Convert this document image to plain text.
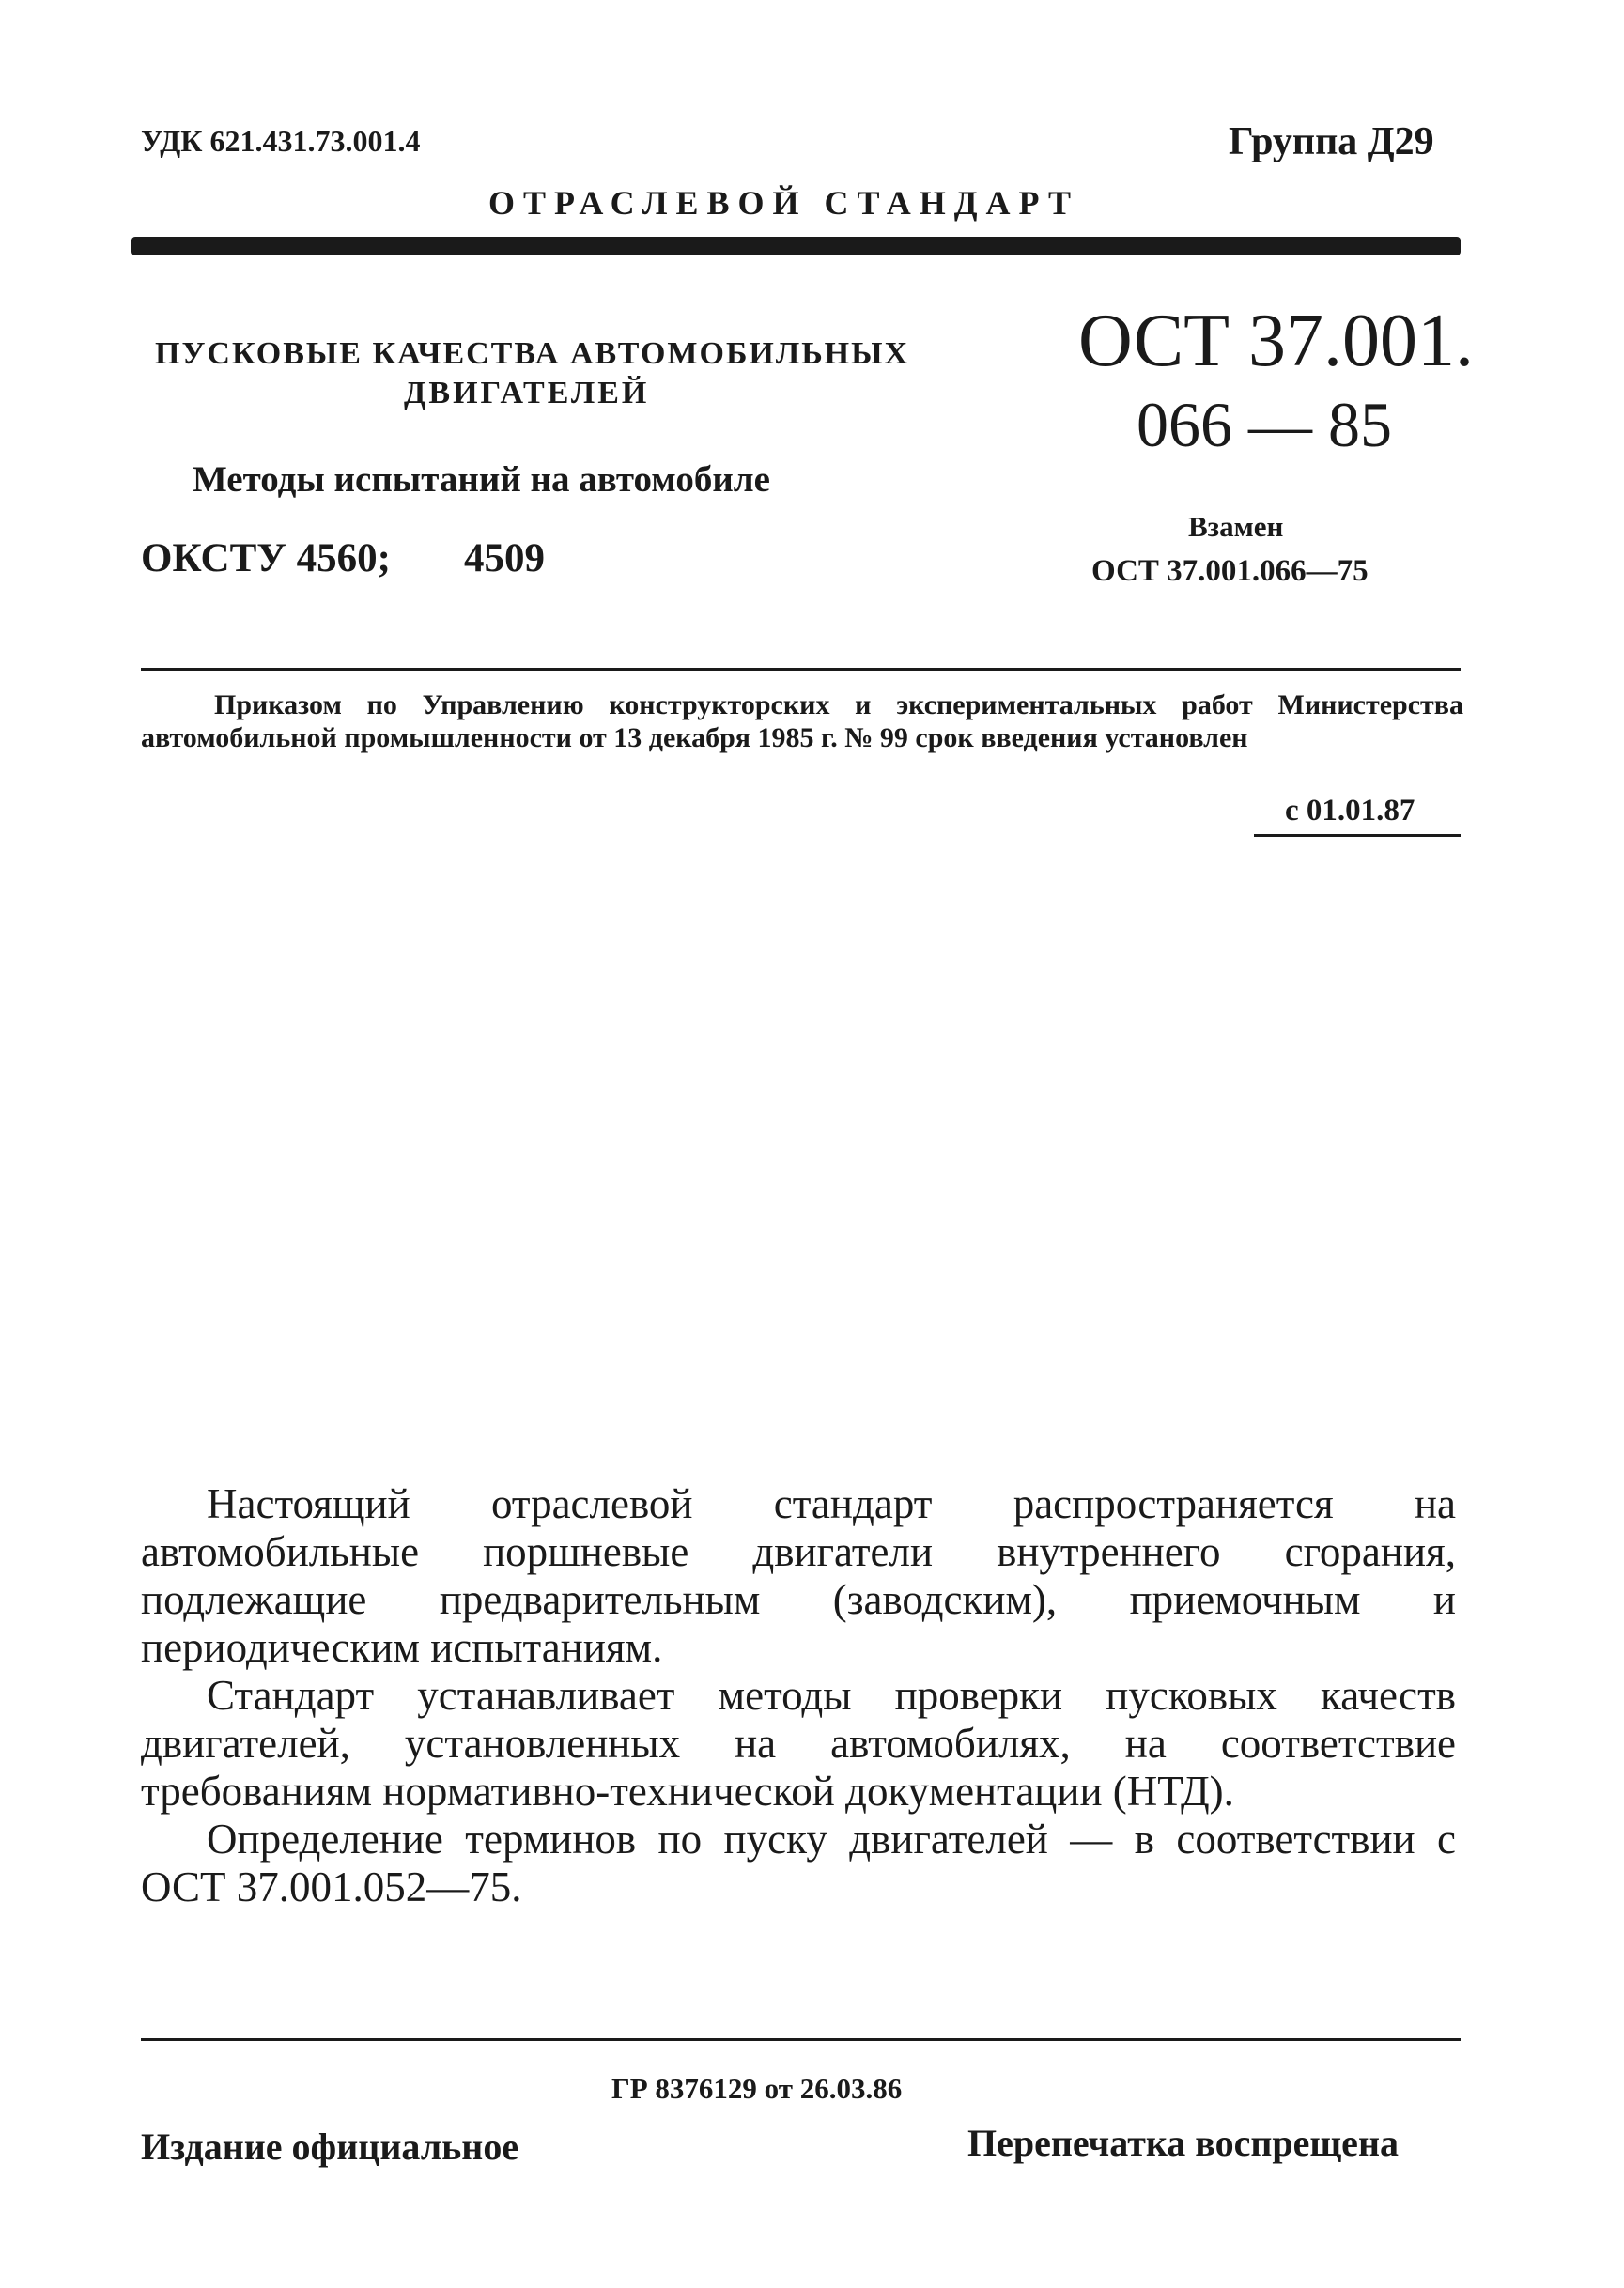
УДК 621.431.73.001.4	Группа Д29
ОТРАСЛЕВОЙ СТАНДАРТ
ПУСКОВЫЕ КАЧЕСТВА АВТОМОБИЛЬНЫХ
ДВИГАТЕЛЕЙ
Методы испытаний на автомобиле
ОКСТУ 4560; 4509
ОСТ 37.001.
066 — 85
Взамен
ОСТ 37.001.066—75

Приказом по Управлению конструкторских и экспериментальных работ Министерства автомобильной промышленности от 13 декабря 1985 г. № 99 срок введения установлен

с 01.01.87

Настоящий отраслевой стандарт распространяется на автомобильные поршневые двигатели внутреннего сгорания, подлежащие предварительным (заводским), приемочным и периодическим испытаниям.

Стандарт устанавливает методы проверки пусковых качеств двигателей, установленных на автомобилях, на соответствие требованиям нормативно-технической документации (НТД).

Определение терминов по пуску двигателей — в соответствии с ОСТ 37.001.052—75.

ГР 8376129 от 26.03.86
Издание официальное	Перепечатка воспрещена
